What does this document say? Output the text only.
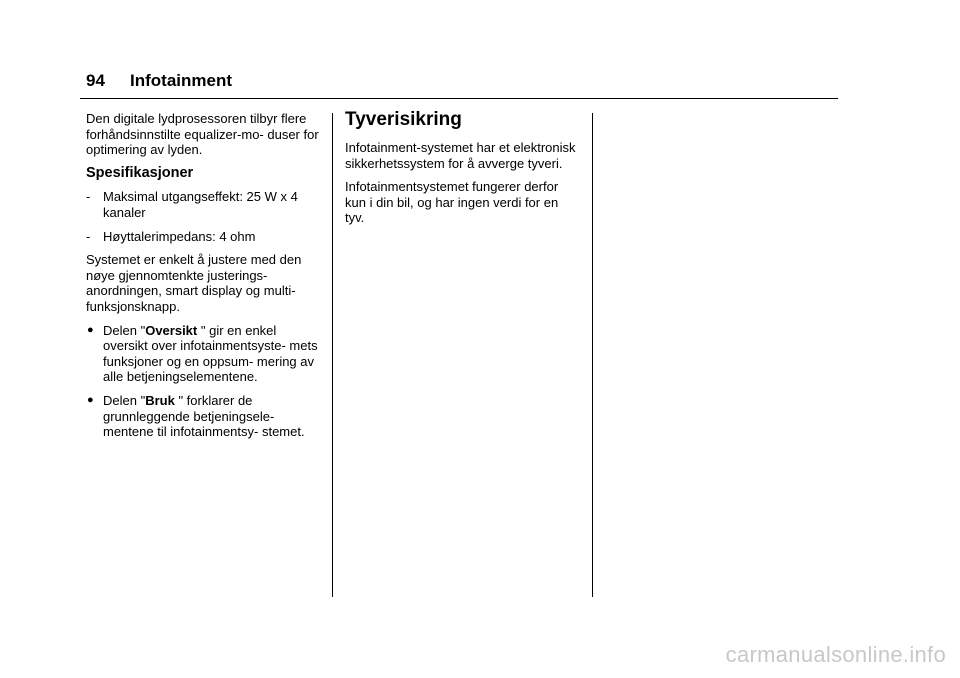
94 Infotainment

Den digitale lydprosessoren tilbyr flere forhåndsinnstilte equalizer-mo- duser for optimering av lyden.

Spesifikasjoner
- Maksimal utgangseffekt: 25 W x 4 kanaler
- Høyttalerimpedans: 4 ohm

Systemet er enkelt å justere med den nøye gjennomtenkte justerings- anordningen, smart display og multi- funksjonsknapp.

● Delen "Oversikt " gir en enkel oversikt over infotainmentsyste- mets funksjoner og en oppsum- mering av alle betjeningselementene.
● Delen "Bruk " forklarer de grunnleggende betjeningsele- mentene til infotainmentsy- stemet.
Tyverisikring

Infotainment-systemet har et elektronisk sikkerhetssystem for å avverge tyveri.

Infotainmentsystemet fungerer derfor kun i din bil, og har ingen verdi for en tyv.

carmanualsonline.info
